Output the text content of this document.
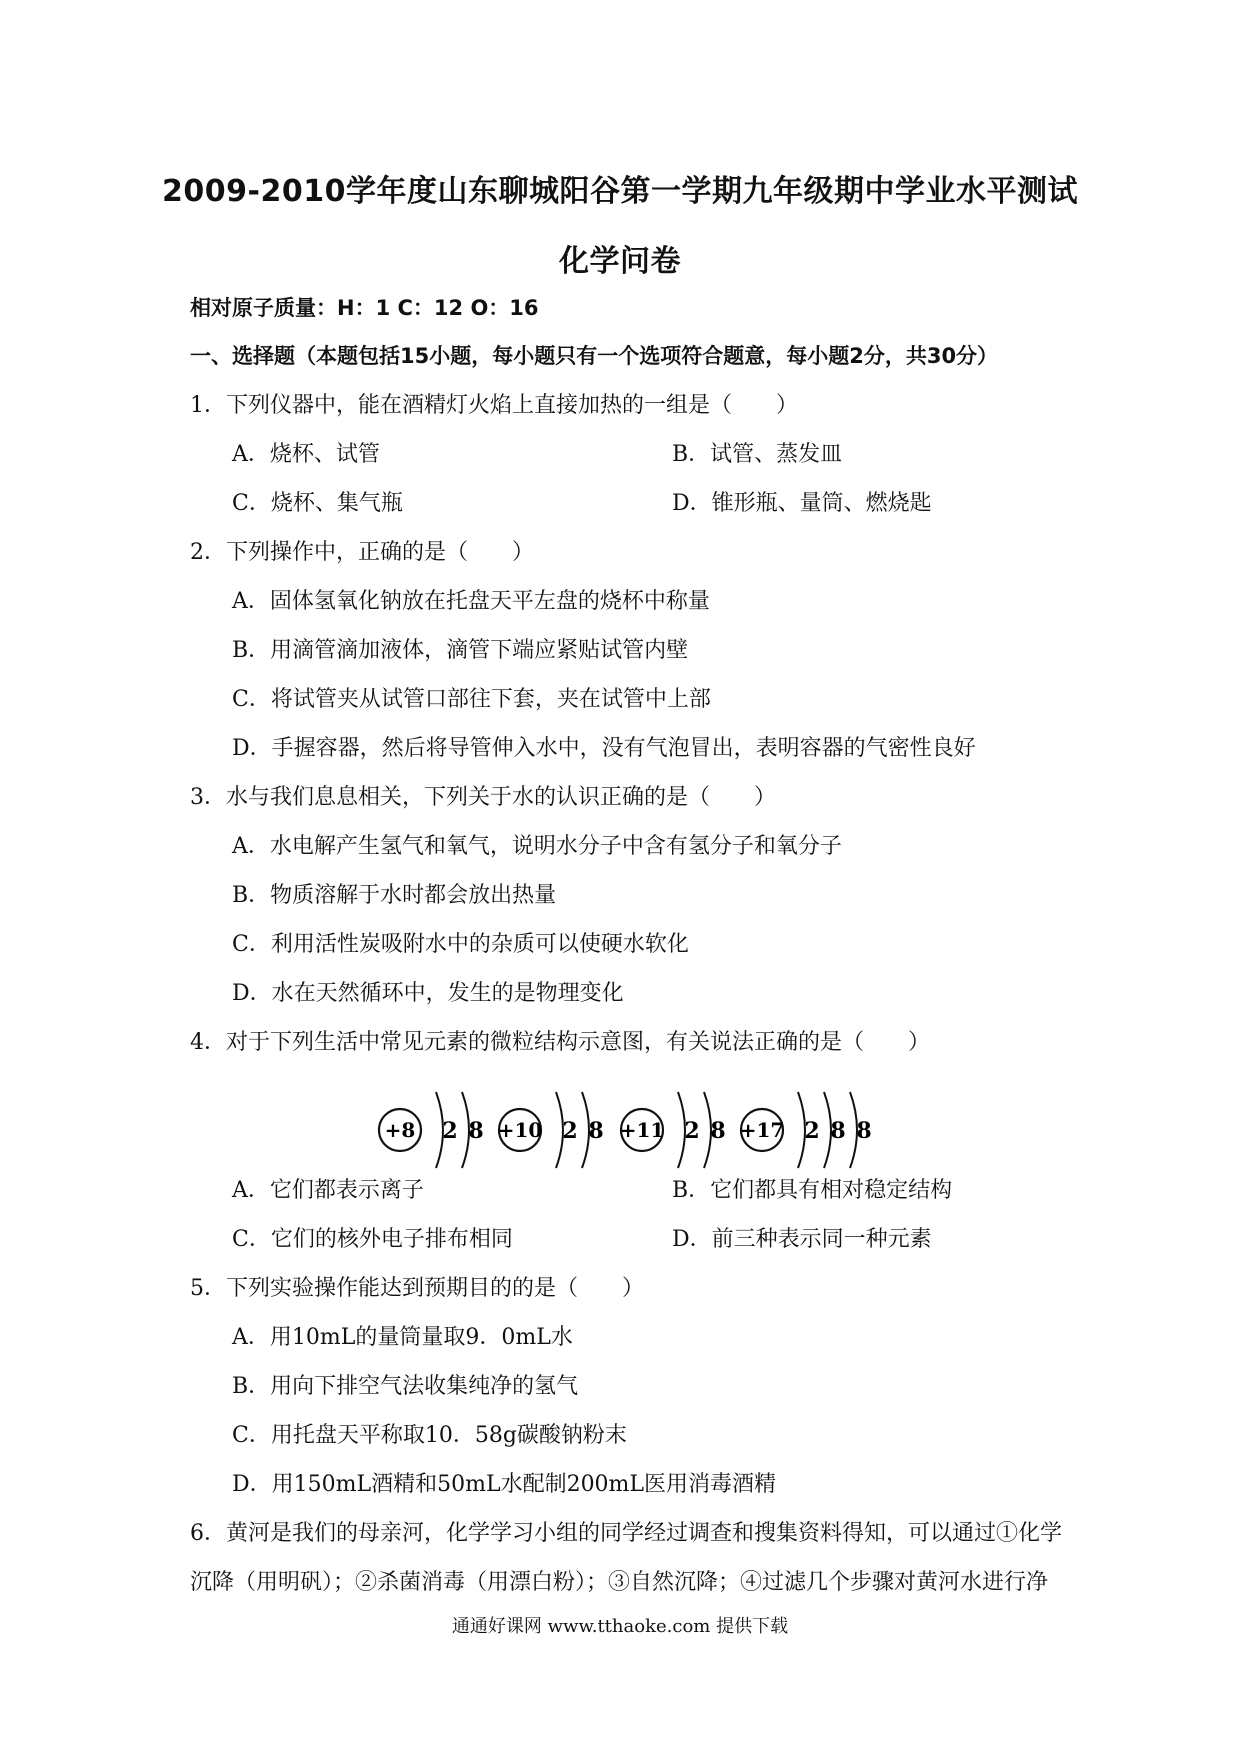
2009-2010学年度山东聊城阳谷第一学期九年级期中学业水平测试
化学问卷
相对原子质量：H：1 C：12 O：16
一、选择题（本题包括15小题，每小题只有一个选项符合题意，每小题2分，共30分）
1．下列仪器中，能在酒精灯火焰上直接加热的一组是（　　）
A．烧杯、试管	B．试管、蒸发皿
C．烧杯、集气瓶	D．锥形瓶、量筒、燃烧匙
2．下列操作中，正确的是（　　）
A．固体氢氧化钠放在托盘天平左盘的烧杯中称量
B．用滴管滴加液体，滴管下端应紧贴试管内壁
C．将试管夹从试管口部往下套，夹在试管中上部
D．手握容器，然后将导管伸入水中，没有气泡冒出，表明容器的气密性良好
3．水与我们息息相关，下列关于水的认识正确的是（　　）
A．水电解产生氢气和氧气，说明水分子中含有氢分子和氧分子
B．物质溶解于水时都会放出热量
C．利用活性炭吸附水中的杂质可以使硬水软化
D．水在天然循环中，发生的是物理变化
4．对于下列生活中常见元素的微粒结构示意图，有关说法正确的是（　　）
+8 2 8 +10 2 8 +11 2 8 +17 2 8 8
A．它们都表示离子	B．它们都具有相对稳定结构
C．它们的核外电子排布相同	D．前三种表示同一种元素
5．下列实验操作能达到预期目的的是（　　）
A．用10mL的量筒量取9．0mL水
B．用向下排空气法收集纯净的氢气
C．用托盘天平称取10．58g碳酸钠粉末
D．用150mL酒精和50mL水配制200mL医用消毒酒精
6．黄河是我们的母亲河，化学学习小组的同学经过调查和搜集资料得知，可以通过①化学
沉降（用明矾）；②杀菌消毒（用漂白粉）；③自然沉降；④过滤几个步骤对黄河水进行净
通通好课网 www.tthaoke.com 提供下载
